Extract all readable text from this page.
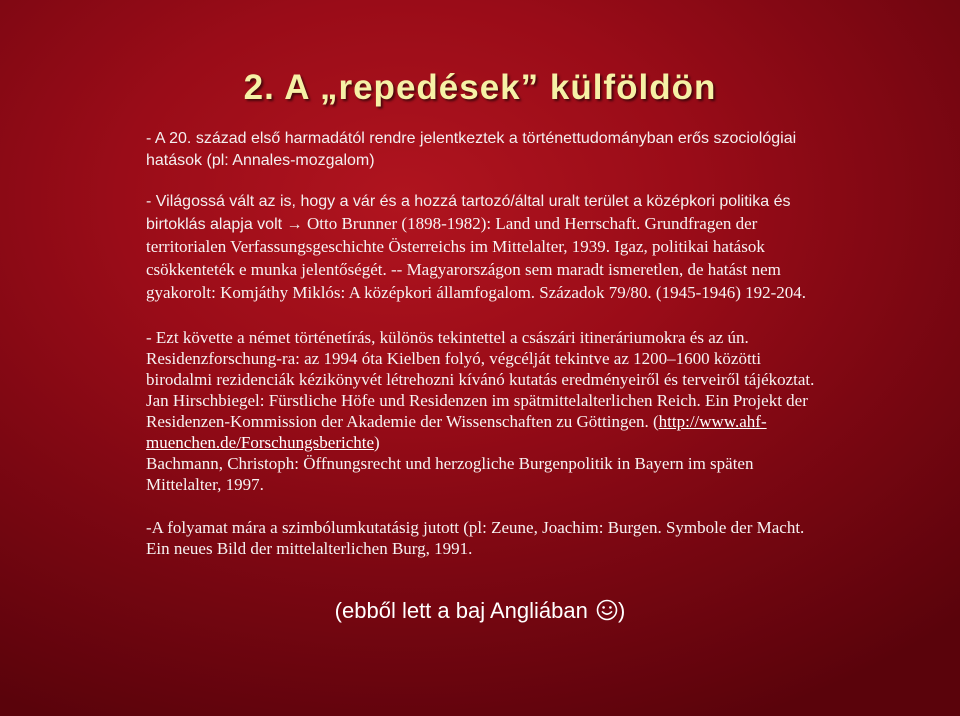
2. A „repedések” külföldön

- A 20. század első harmadától rendre jelentkeztek a történettudományban erős szociológiai hatások (pl: Annales-mozgalom)

- Világossá vált az is, hogy a vár és a hozzá tartozó/által uralt terület a középkori politika és birtoklás alapja volt → Otto Brunner (1898-1982): Land und Herrschaft. Grundfragen der territorialen Verfassungsgeschichte Österreichs im Mittelalter, 1939. Igaz, politikai hatások csökkenteték e munka jelentőségét. -- Magyarországon sem maradt ismeretlen, de hatást nem gyakorolt: Komjáthy Miklós: A középkori államfogalom. Századok 79/80. (1945-1946) 192-204.

- Ezt követte a német történetírás, különös tekintettel a császári itineráriumokra és az ún. Residenzforschung-ra: az 1994 óta Kielben folyó, végcélját tekintve az 1200–1600 közötti birodalmi rezidenciák kézikönyvét létrehozni kívánó kutatás eredményeiről és terveiről tájékoztat. Jan Hirschbiegel: Fürstliche Höfe und Residenzen im spätmittelalterlichen Reich. Ein Projekt der Residenzen-Kommission der Akademie der Wissenschaften zu Göttingen. (http://www.ahf-muenchen.de/Forschungsberichte)

Bachmann, Christoph: Öffnungsrecht und herzogliche Burgenpolitik in Bayern im späten Mittelalter, 1997.

-A folyamat mára a szimbólumkutatásig jutott (pl: Zeune, Joachim: Burgen. Symbole der Macht. Ein neues Bild der mittelalterlichen Burg, 1991.

(ebből lett a baj Angliában )
